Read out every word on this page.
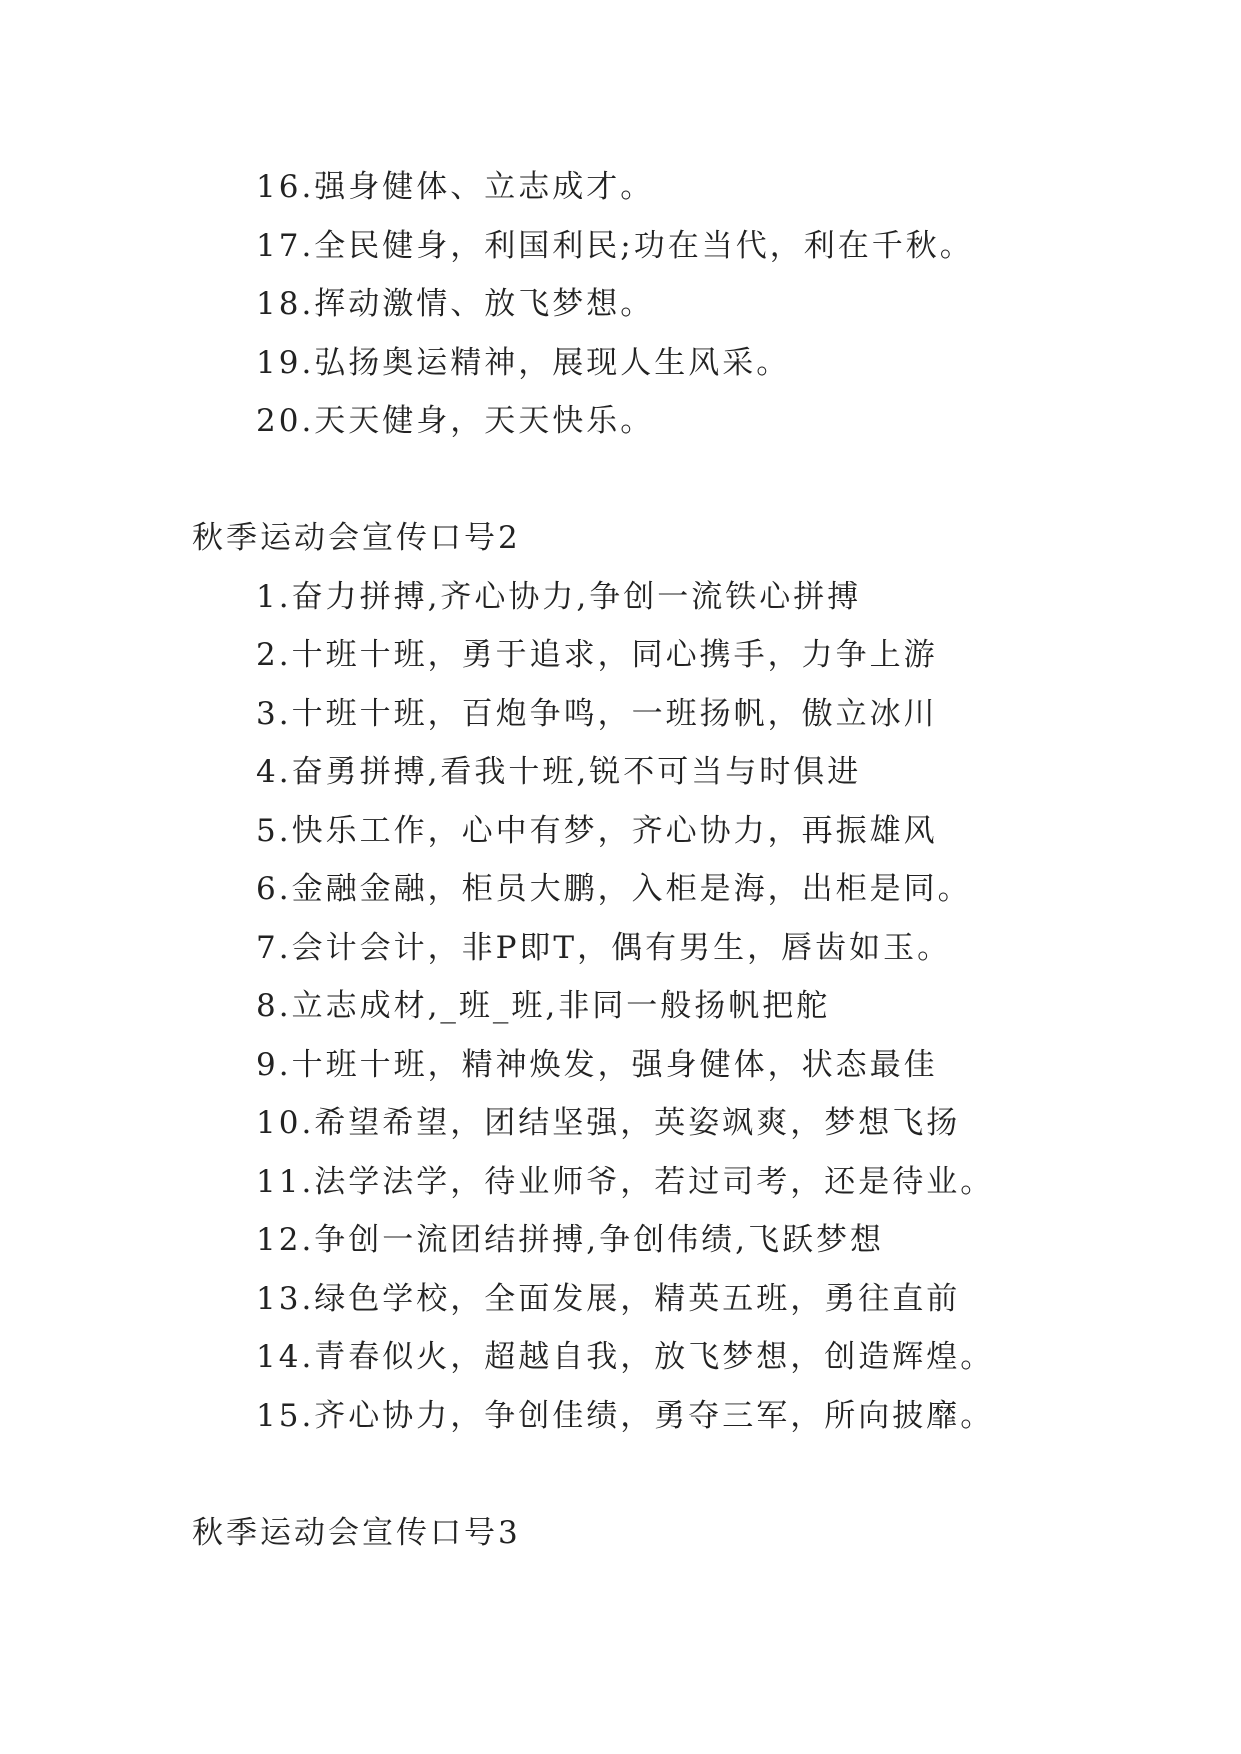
16.强身健体、立志成才。
17.全民健身，利国利民;功在当代，利在千秋。
18.挥动激情、放飞梦想。
19.弘扬奥运精神，展现人生风采。
20.天天健身，天天快乐。
秋季运动会宣传口号2
1.奋力拼搏,齐心协力,争创一流铁心拼搏
2.十班十班，勇于追求，同心携手，力争上游
3.十班十班，百炮争鸣，一班扬帆，傲立冰川
4.奋勇拼搏,看我十班,锐不可当与时俱进
5.快乐工作，心中有梦，齐心协力，再振雄风
6.金融金融，柜员大鹏，入柜是海，出柜是同。
7.会计会计，非P即T，偶有男生，唇齿如玉。
8.立志成材,_班_班,非同一般扬帆把舵
9.十班十班，精神焕发，强身健体，状态最佳
10.希望希望，团结坚强，英姿飒爽，梦想飞扬
11.法学法学，待业师爷，若过司考，还是待业。
12.争创一流团结拼搏,争创伟绩,飞跃梦想
13.绿色学校，全面发展，精英五班，勇往直前
14.青春似火，超越自我，放飞梦想，创造辉煌。
15.齐心协力，争创佳绩，勇夺三军，所向披靡。
秋季运动会宣传口号3
